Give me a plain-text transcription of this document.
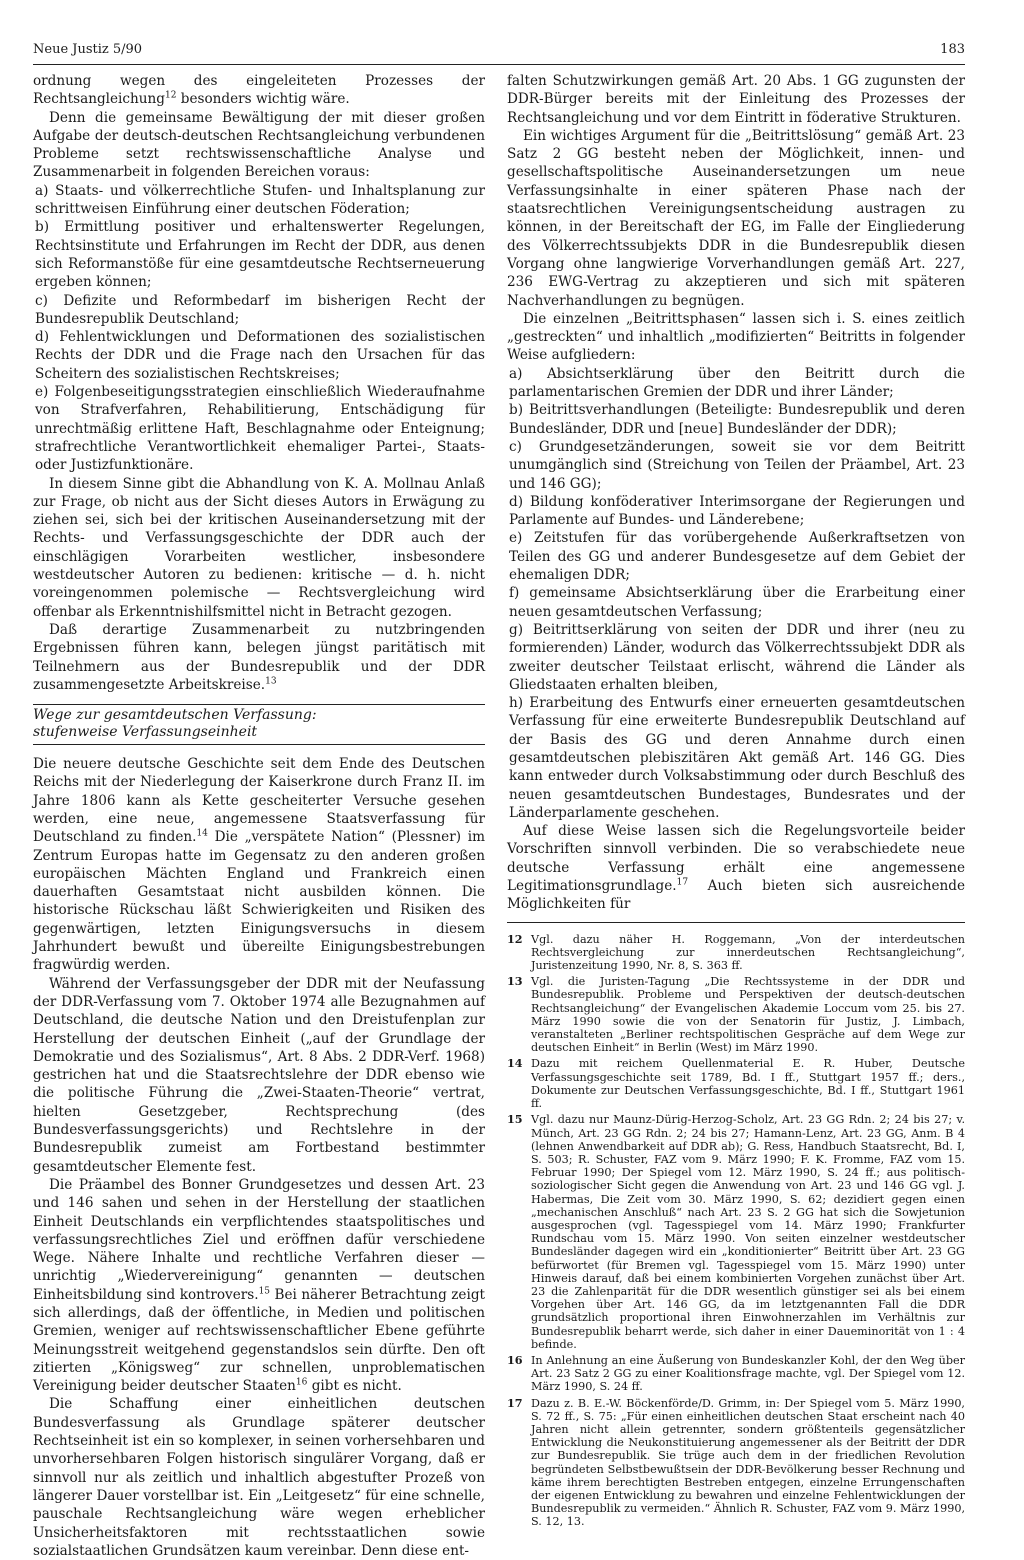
Neue Justiz 5/90	183

ordnung wegen des eingeleiteten Prozesses der Rechtsangleichung$^{12}$ besonders wichtig wäre.

Denn die gemeinsame Bewältigung der mit dieser großen Aufgabe der deutsch-deutschen Rechtsangleichung verbundenen Probleme setzt rechtswissenschaftliche Analyse und Zusammenarbeit in folgenden Bereichen voraus:

a) Staats- und völkerrechtliche Stufen- und Inhaltsplanung zur schrittweisen Einführung einer deutschen Föderation;

b) Ermittlung positiver und erhaltenswerter Regelungen, Rechtsinstitute und Erfahrungen im Recht der DDR, aus denen sich Reformanstöße für eine gesamtdeutsche Rechtserneuerung ergeben können;

c) Defizite und Reformbedarf im bisherigen Recht der Bundesrepublik Deutschland;

d) Fehlentwicklungen und Deformationen des sozialistischen Rechts der DDR und die Frage nach den Ursachen für das Scheitern des sozialistischen Rechtskreises;

e) Folgenbeseitigungsstrategien einschließlich Wiederaufnahme von Strafverfahren, Rehabilitierung, Entschädigung für unrechtmäßig erlittene Haft, Beschlagnahme oder Enteignung; strafrechtliche Verantwortlichkeit ehemaliger Partei-, Staats- oder Justizfunktionäre.

In diesem Sinne gibt die Abhandlung von K. A. Mollnau Anlaß zur Frage, ob nicht aus der Sicht dieses Autors in Erwägung zu ziehen sei, sich bei der kritischen Auseinandersetzung mit der Rechts- und Verfassungsgeschichte der DDR auch der einschlägigen Vorarbeiten westlicher, insbesondere westdeutscher Autoren zu bedienen: kritische — d. h. nicht voreingenommen polemische — Rechtsvergleichung wird offenbar als Erkenntnishilfsmittel nicht in Betracht gezogen.

Daß derartige Zusammenarbeit zu nutzbringenden Ergebnissen führen kann, belegen jüngst paritätisch mit Teilnehmern aus der Bundesrepublik und der DDR zusammengesetzte Arbeitskreise.$^{13}$

Wege zur gesamtdeutschen Verfassung:
stufenweise Verfassungseinheit

Die neuere deutsche Geschichte seit dem Ende des Deutschen Reichs mit der Niederlegung der Kaiserkrone durch Franz II. im Jahre 1806 kann als Kette gescheiterter Versuche gesehen werden, eine neue, angemessene Staatsverfassung für Deutschland zu finden.$^{14}$ Die „verspätete Nation“ (Plessner) im Zentrum Europas hatte im Gegensatz zu den anderen großen europäischen Mächten England und Frankreich einen dauerhaften Gesamtstaat nicht ausbilden können. Die historische Rückschau läßt Schwierigkeiten und Risiken des gegenwärtigen, letzten Einigungsversuchs in diesem Jahrhundert bewußt und übereilte Einigungsbestrebungen fragwürdig werden.

Während der Verfassungsgeber der DDR mit der Neufassung der DDR-Verfassung vom 7. Oktober 1974 alle Bezugnahmen auf Deutschland, die deutsche Nation und den Dreistufenplan zur Herstellung der deutschen Einheit („auf der Grundlage der Demokratie und des Sozialismus“, Art. 8 Abs. 2 DDR-Verf. 1968) gestrichen hat und die Staatsrechtslehre der DDR ebenso wie die politische Führung die „Zwei-Staaten-Theorie“ vertrat, hielten Gesetzgeber, Rechtsprechung (des Bundesverfassungsgerichts) und Rechtslehre in der Bundesrepublik zumeist am Fortbestand bestimmter gesamtdeutscher Elemente fest.

Die Präambel des Bonner Grundgesetzes und dessen Art. 23 und 146 sahen und sehen in der Herstellung der staatlichen Einheit Deutschlands ein verpflichtendes staatspolitisches und verfassungsrechtliches Ziel und eröffnen dafür verschiedene Wege. Nähere Inhalte und rechtliche Verfahren dieser — unrichtig „Wiedervereinigung“ genannten — deutschen Einheitsbildung sind kontrovers.$^{15}$ Bei näherer Betrachtung zeigt sich allerdings, daß der öffentliche, in Medien und politischen Gremien, weniger auf rechtswissenschaftlicher Ebene geführte Meinungsstreit weitgehend gegenstandslos sein dürfte. Den oft zitierten „Königsweg“ zur schnellen, unproblematischen Vereinigung beider deutscher Staaten$^{16}$ gibt es nicht.

Die Schaffung einer einheitlichen deutschen Bundesverfassung als Grundlage späterer deutscher Rechtseinheit ist ein so komplexer, in seinen vorhersehbaren und unvorhersehbaren Folgen historisch singulärer Vorgang, daß er sinnvoll nur als zeitlich und inhaltlich abgestufter Prozeß von längerer Dauer vorstellbar ist. Ein „Leitgesetz“ für eine schnelle, pauschale Rechtsangleichung wäre wegen erheblicher Unsicherheitsfaktoren mit rechtsstaatlichen sowie sozialstaatlichen Grundsätzen kaum vereinbar. Denn diese ent-

falten Schutzwirkungen gemäß Art. 20 Abs. 1 GG zugunsten der DDR-Bürger bereits mit der Einleitung des Prozesses der Rechtsangleichung und vor dem Eintritt in föderative Strukturen.

Ein wichtiges Argument für die „Beitrittslösung“ gemäß Art. 23 Satz 2 GG besteht neben der Möglichkeit, innen- und gesellschaftspolitische Auseinandersetzungen um neue Verfassungsinhalte in einer späteren Phase nach der staatsrechtlichen Vereinigungsentscheidung austragen zu können, in der Bereitschaft der EG, im Falle der Eingliederung des Völkerrechtssubjekts DDR in die Bundesrepublik diesen Vorgang ohne langwierige Vorverhandlungen gemäß Art. 227, 236 EWG-Vertrag zu akzeptieren und sich mit späteren Nachverhandlungen zu begnügen.

Die einzelnen „Beitrittsphasen“ lassen sich i. S. eines zeitlich „gestreckten“ und inhaltlich „modifizierten“ Beitritts in folgender Weise aufgliedern:

a) Absichtserklärung über den Beitritt durch die parlamentarischen Gremien der DDR und ihrer Länder;

b) Beitrittsverhandlungen (Beteiligte: Bundesrepublik und deren Bundesländer, DDR und [neue] Bundesländer der DDR);

c) Grundgesetzänderungen, soweit sie vor dem Beitritt unumgänglich sind (Streichung von Teilen der Präambel, Art. 23 und 146 GG);

d) Bildung konföderativer Interimsorgane der Regierungen und Parlamente auf Bundes- und Länderebene;

e) Zeitstufen für das vorübergehende Außerkraftsetzen von Teilen des GG und anderer Bundesgesetze auf dem Gebiet der ehemaligen DDR;

f) gemeinsame Absichtserklärung über die Erarbeitung einer neuen gesamtdeutschen Verfassung;

g) Beitrittserklärung von seiten der DDR und ihrer (neu zu formierenden) Länder, wodurch das Völkerrechtssubjekt DDR als zweiter deutscher Teilstaat erlischt, während die Länder als Gliedstaaten erhalten bleiben,

h) Erarbeitung des Entwurfs einer erneuerten gesamtdeutschen Verfassung für eine erweiterte Bundesrepublik Deutschland auf der Basis des GG und deren Annahme durch einen gesamtdeutschen plebiszitären Akt gemäß Art. 146 GG. Dies kann entweder durch Volksabstimmung oder durch Beschluß des neuen gesamtdeutschen Bundestages, Bundesrates und der Länderparlamente geschehen.

Auf diese Weise lassen sich die Regelungsvorteile beider Vorschriften sinnvoll verbinden. Die so verabschiedete neue deutsche Verfassung erhält eine angemessene Legitimationsgrundlage.$^{17}$ Auch bieten sich ausreichende Möglichkeiten für

12 Vgl. dazu näher H. Roggemann, „Von der interdeutschen Rechtsvergleichung zur innerdeutschen Rechtsangleichung“, Juristenzeitung 1990, Nr. 8, S. 363 ff.
13 Vgl. die Juristen-Tagung „Die Rechtssysteme in der DDR und Bundesrepublik. Probleme und Perspektiven der deutsch-deutschen Rechtsangleichung“ der Evangelischen Akademie Loccum vom 25. bis 27. März 1990 sowie die von der Senatorin für Justiz, J. Limbach, veranstalteten „Berliner rechtspolitischen Gespräche auf dem Wege zur deutschen Einheit“ in Berlin (West) im März 1990.
14 Dazu mit reichem Quellenmaterial E. R. Huber, Deutsche Verfassungsgeschichte seit 1789, Bd. I ff., Stuttgart 1957 ff.; ders., Dokumente zur Deutschen Verfassungsgeschichte, Bd. I ff., Stuttgart 1961 ff.
15 Vgl. dazu nur Maunz-Dürig-Herzog-Scholz, Art. 23 GG Rdn. 2; 24 bis 27; v. Münch, Art. 23 GG Rdn. 2; 24 bis 27; Hamann-Lenz, Art. 23 GG, Anm. B 4 (lehnen Anwendbarkeit auf DDR ab); G. Ress, Handbuch Staatsrecht, Bd. I, S. 503; R. Schuster, FAZ vom 9. März 1990; F. K. Fromme, FAZ vom 15. Februar 1990; Der Spiegel vom 12. März 1990, S. 24 ff.; aus politisch-soziologischer Sicht gegen die Anwendung von Art. 23 und 146 GG vgl. J. Habermas, Die Zeit vom 30. März 1990, S. 62; dezidiert gegen einen „mechanischen Anschluß“ nach Art. 23 S. 2 GG hat sich die Sowjetunion ausgesprochen (vgl. Tagesspiegel vom 14. März 1990; Frankfurter Rundschau vom 15. März 1990. Von seiten einzelner westdeutscher Bundesländer dagegen wird ein „konditionierter“ Beitritt über Art. 23 GG befürwortet (für Bremen vgl. Tagesspiegel vom 15. März 1990) unter Hinweis darauf, daß bei einem kombinierten Vorgehen zunächst über Art. 23 die Zahlenparität für die DDR wesentlich günstiger sei als bei einem Vorgehen über Art. 146 GG, da im letztgenannten Fall die DDR grundsätzlich proportional ihren Einwohnerzahlen im Verhältnis zur Bundesrepublik beharrt werde, sich daher in einer Daueminorität von 1 : 4 befinde.
16 In Anlehnung an eine Äußerung von Bundeskanzler Kohl, der den Weg über Art. 23 Satz 2 GG zu einer Koalitionsfrage machte, vgl. Der Spiegel vom 12. März 1990, S. 24 ff.
17 Dazu z. B. E.-W. Böckenförde/D. Grimm, in: Der Spiegel vom 5. März 1990, S. 72 ff., S. 75: „Für einen einheitlichen deutschen Staat erscheint nach 40 Jahren nicht allein getrennter, sondern größtenteils gegensätzlicher Entwicklung die Neukonstituierung angemessener als der Beitritt der DDR zur Bundesrepublik. Sie trüge auch dem in der friedlichen Revolution begründeten Selbstbewußtsein der DDR-Bevölkerung besser Rechnung und käme ihrem berechtigten Bestreben entgegen, einzelne Errungenschaften der eigenen Entwicklung zu bewahren und einzelne Fehlentwicklungen der Bundesrepublik zu vermeiden.“ Ähnlich R. Schuster, FAZ vom 9. März 1990, S. 12, 13.
